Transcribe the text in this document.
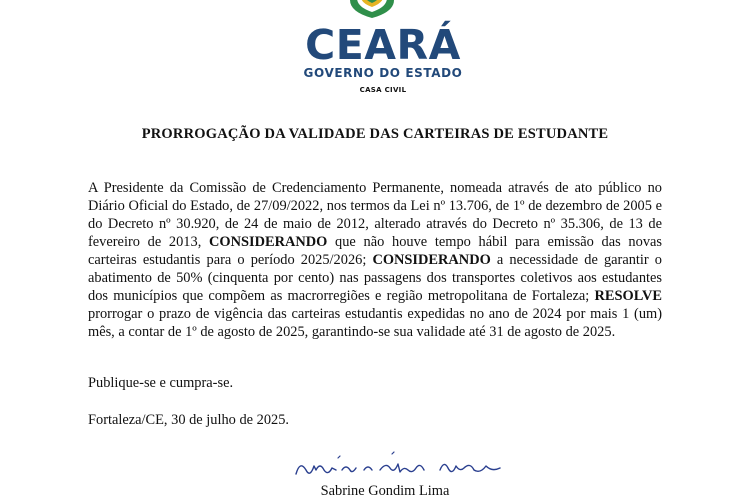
CEARÁ
GOVERNO DO ESTADO
CASA CIVIL
PRORROGAÇÃO DA VALIDADE DAS CARTEIRAS DE ESTUDANTE

A Presidente da Comissão de Credenciamento Permanente, nomeada através de ato público no Diário Oficial do Estado, de 27/09/2022, nos termos da Lei nº 13.706, de 1º de dezembro de 2005 e do Decreto nº 30.920, de 24 de maio de 2012, alterado através do Decreto nº 35.306, de 13 de fevereiro de 2013, CONSIDERANDO que não houve tempo hábil para emissão das novas carteiras estudantis para o período 2025/2026; CONSIDERANDO a necessidade de garantir o abatimento de 50% (cinquenta por cento) nas passagens dos transportes coletivos aos estudantes dos municípios que compõem as macrorregiões e região metropolitana de Fortaleza; RESOLVE prorrogar o prazo de vigência das carteiras estudantis expedidas no ano de 2024 por mais 1 (um) mês, a contar de 1º de agosto de 2025, garantindo-se sua validade até 31 de agosto de 2025.

Publique-se e cumpra-se.

Fortaleza/CE, 30 de julho de 2025.

Sabrine Gondim Lima
